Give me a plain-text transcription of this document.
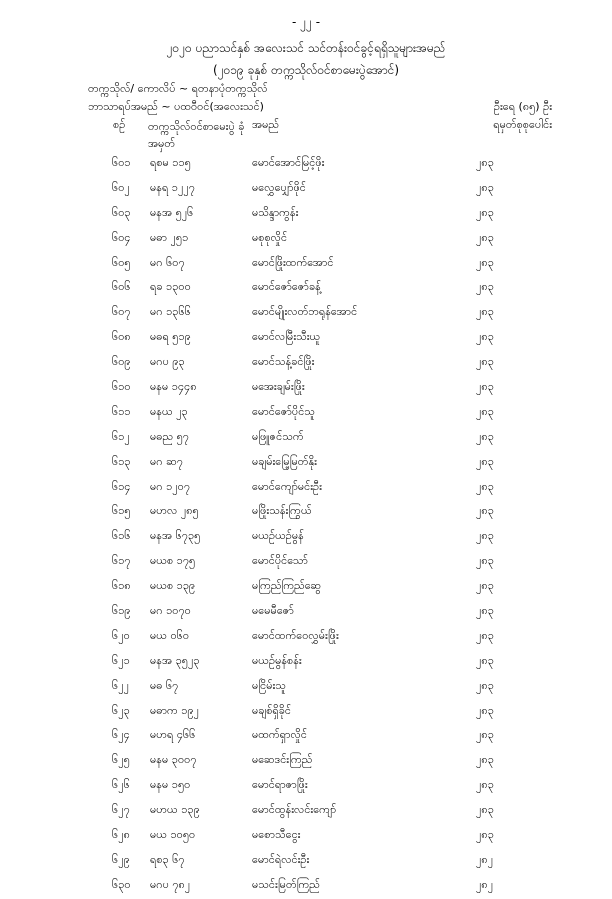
- ၂၂ -
၂၀၂၀ ပညာသင်နှစ် အလေးသင် သင်တန်းဝင်ခွင့်ရရှိသူများအမည်
(၂၀၁၉ ခုနှစ် တက္ကသိုလ်ဝင်စာမေးပွဲအောင်)
တက္ကသိုလ်/ ကောလိပ် ~ ရတနာပုံတက္ကသိုလ်
ဘာသာရပ်အမည် ~ ပထဝီဝင်(အလေးသင်)	ဦးရေ (၈၅) ဦး
ရမှတ်စုစုပေါင်း
စဉ် တက္ကသိုလ်ဝင်စာမေးပွဲ ခုံအမှတ်
အမည်
၆၀၁ ရစမ ၁၁၅	မောင်အောင်မြင့်ဖိုး	၂၈၃
၆၀၂ မနရ ၁၂၂၇	မလွှေပျှော်ဖိုင်	၂၈၃
၆၀၃ မနအ ၅၂၆	မသိန္ဒာကွန်း	၂၈၃
၆၀၄ မဓာ ၂၅၁	မစုစုလှိုင်	၂၈၃
၆၀၅ မဂ ၆၀၇	မောင်ဖြိုးထက်အောင်	၂၈၃
၆၀၆ ရခ ၁၃၀၀	မောင်ဇော်ဇော်ခန့်	၂၈၃
၆၀၇ မဂ ၁၃၆၆	မောင်မျိုးလတ်ဘရုန်အောင်	၂၈၃
၆၀၈ မဓရ ၅၁၉	မောင်လမြီးသီးယူ	၂၈၃
၆၀၉ မဂပ ၉၃	မောင်သန့်ခင်ဖြိုး	၂၈၃
၆၁၀ မနမ ၁၄၄၈	မအေးချမ်းဖြိုး	၂၈၃
၆၁၁ မနယ ၂၃	မောင်ဇော်ပိုင်သူ	၂၈၃
၆၁၂ မဓည ၅၇	မဖြူဇင်သက်	၂၈၃
၆၁၃ မဂ ဆ၇	မချမ်းမြေ့မြတ်နိုး	၂၈၃
၆၁၄ မဂ ၁၂၀၇	မောင်ကျော်မင်းဦး	၂၈၃
၆၁၅ မဟလ ၂၈၅	မဖြိုးသန်းကြွယ်	၂၈၃
၆၁၆ မနအ ၆၇၃၅	မယဉ်ယဉ်မွန်	၂၈၃
၆၁၇ မယစ ၁၇၅	မောင်ပိုင်သော်	၂၈၃
၆၁၈ မယစ ၁၃၉	မကြည်ကြည်ဆွေ	၂၈၃
၆၁၉ မဂ ၁၀၇၀	မမေမီဇော်	၂၈၃
၆၂၀ မယ ၀၆၀	မောင်ထက်ဝေလွှမ်းဖြိုး	၂၈၃
၆၂၁ မနအ ၃၅၂၃	မယဉ်မွန်စန်း	၂၈၃
၆၂၂ မဓ ၆၇	မငြိမ်းသူ	၂၈၃
၆၂၃ မဓာက ၁၉၂	မချစ်ရှိခိုင်	၂၈၃
၆၂၄ မဟရ ၄၆၆	မထက်ရှာလှိုင်	၂၈၃
၆၂၅ မနမ ၃၀၀၇	မဆေဒင်းကြည်	၂၈၃
၆၂၆ မနမ ၁၅၀	မောင်ရာဇာဖြိုး	၂၈၃
၆၂၇ မဟယ ၁၃၉	မောင်ထွန်းလင်းကျော်	၂၈၃
၆၂၈ မယ ၁၀၅၀	မစောသီငွေး	၂၈၃
၆၂၉ ရစ၃ ၆၇	မောင်ရဲလင်းဦး	၂၈၂
၆၃၀ မဂပ ၇၈၂	မသင်းမြတ်ကြည်	၂၈၂
